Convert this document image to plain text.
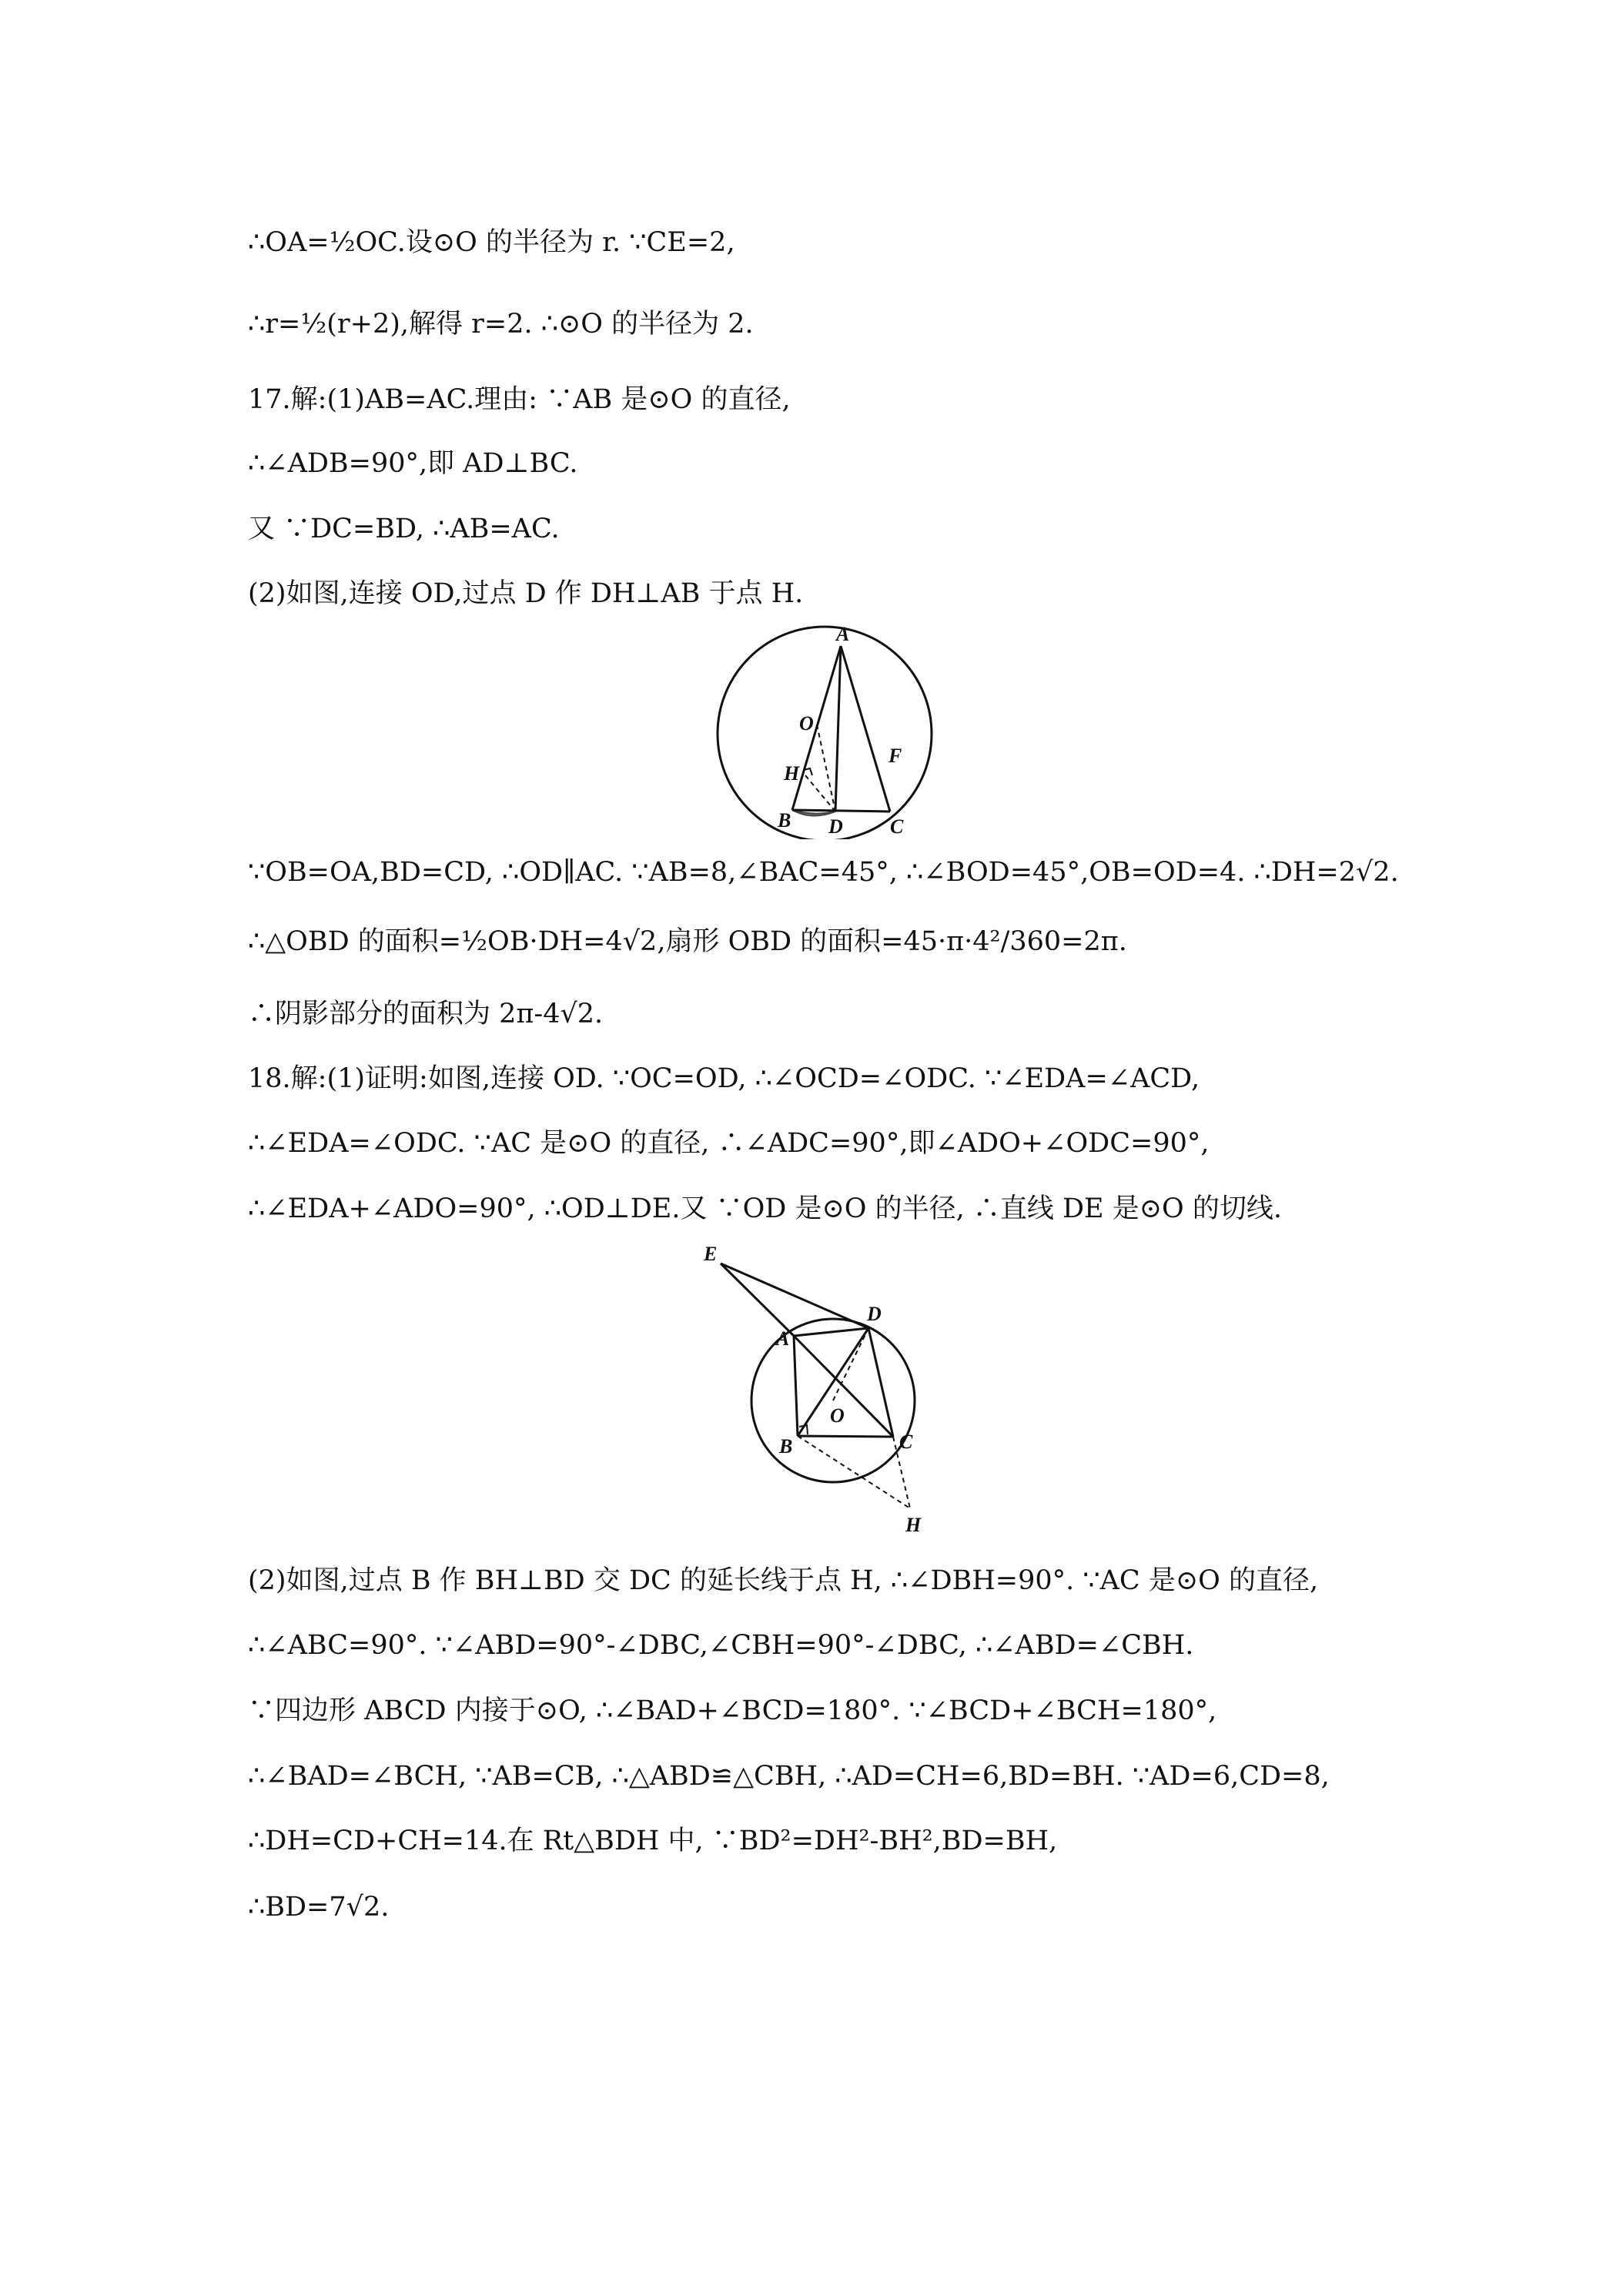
∴OA=½OC.设⊙O 的半径为 r. ∵CE=2,
∴r=½(r+2),解得 r=2. ∴⊙O 的半径为 2.
17.解:(1)AB=AC.理由: ∵AB 是⊙O 的直径,
∴∠ADB=90°,即 AD⊥BC.
又 ∵DC=BD, ∴AB=AC.
(2)如图,连接 OD,过点 D 作 DH⊥AB 于点 H.
A
O
F
H
B D C
∵OB=OA,BD=CD, ∴OD∥AC. ∵AB=8,∠BAC=45°, ∴∠BOD=45°,OB=OD=4. ∴DH=2√2.
∴△OBD 的面积=½OB·DH=4√2,扇形 OBD 的面积=45·π·4²/360=2π.
∴阴影部分的面积为 2π-4√2.
18.解:(1)证明:如图,连接 OD. ∵OC=OD, ∴∠OCD=∠ODC. ∵∠EDA=∠ACD,
∴∠EDA=∠ODC. ∵AC 是⊙O 的直径, ∴∠ADC=90°,即∠ADO+∠ODC=90°,
∴∠EDA+∠ADO=90°, ∴OD⊥DE.又 ∵OD 是⊙O 的半径, ∴直线 DE 是⊙O 的切线.
E
D
A
O
B	C
H
(2)如图,过点 B 作 BH⊥BD 交 DC 的延长线于点 H, ∴∠DBH=90°. ∵AC 是⊙O 的直径,
∴∠ABC=90°. ∵∠ABD=90°-∠DBC,∠CBH=90°-∠DBC, ∴∠ABD=∠CBH.
∵四边形 ABCD 内接于⊙O, ∴∠BAD+∠BCD=180°. ∵∠BCD+∠BCH=180°,
∴∠BAD=∠BCH, ∵AB=CB, ∴△ABD≌△CBH, ∴AD=CH=6,BD=BH. ∵AD=6,CD=8,
∴DH=CD+CH=14.在 Rt△BDH 中, ∵BD²=DH²-BH²,BD=BH,
∴BD=7√2.
